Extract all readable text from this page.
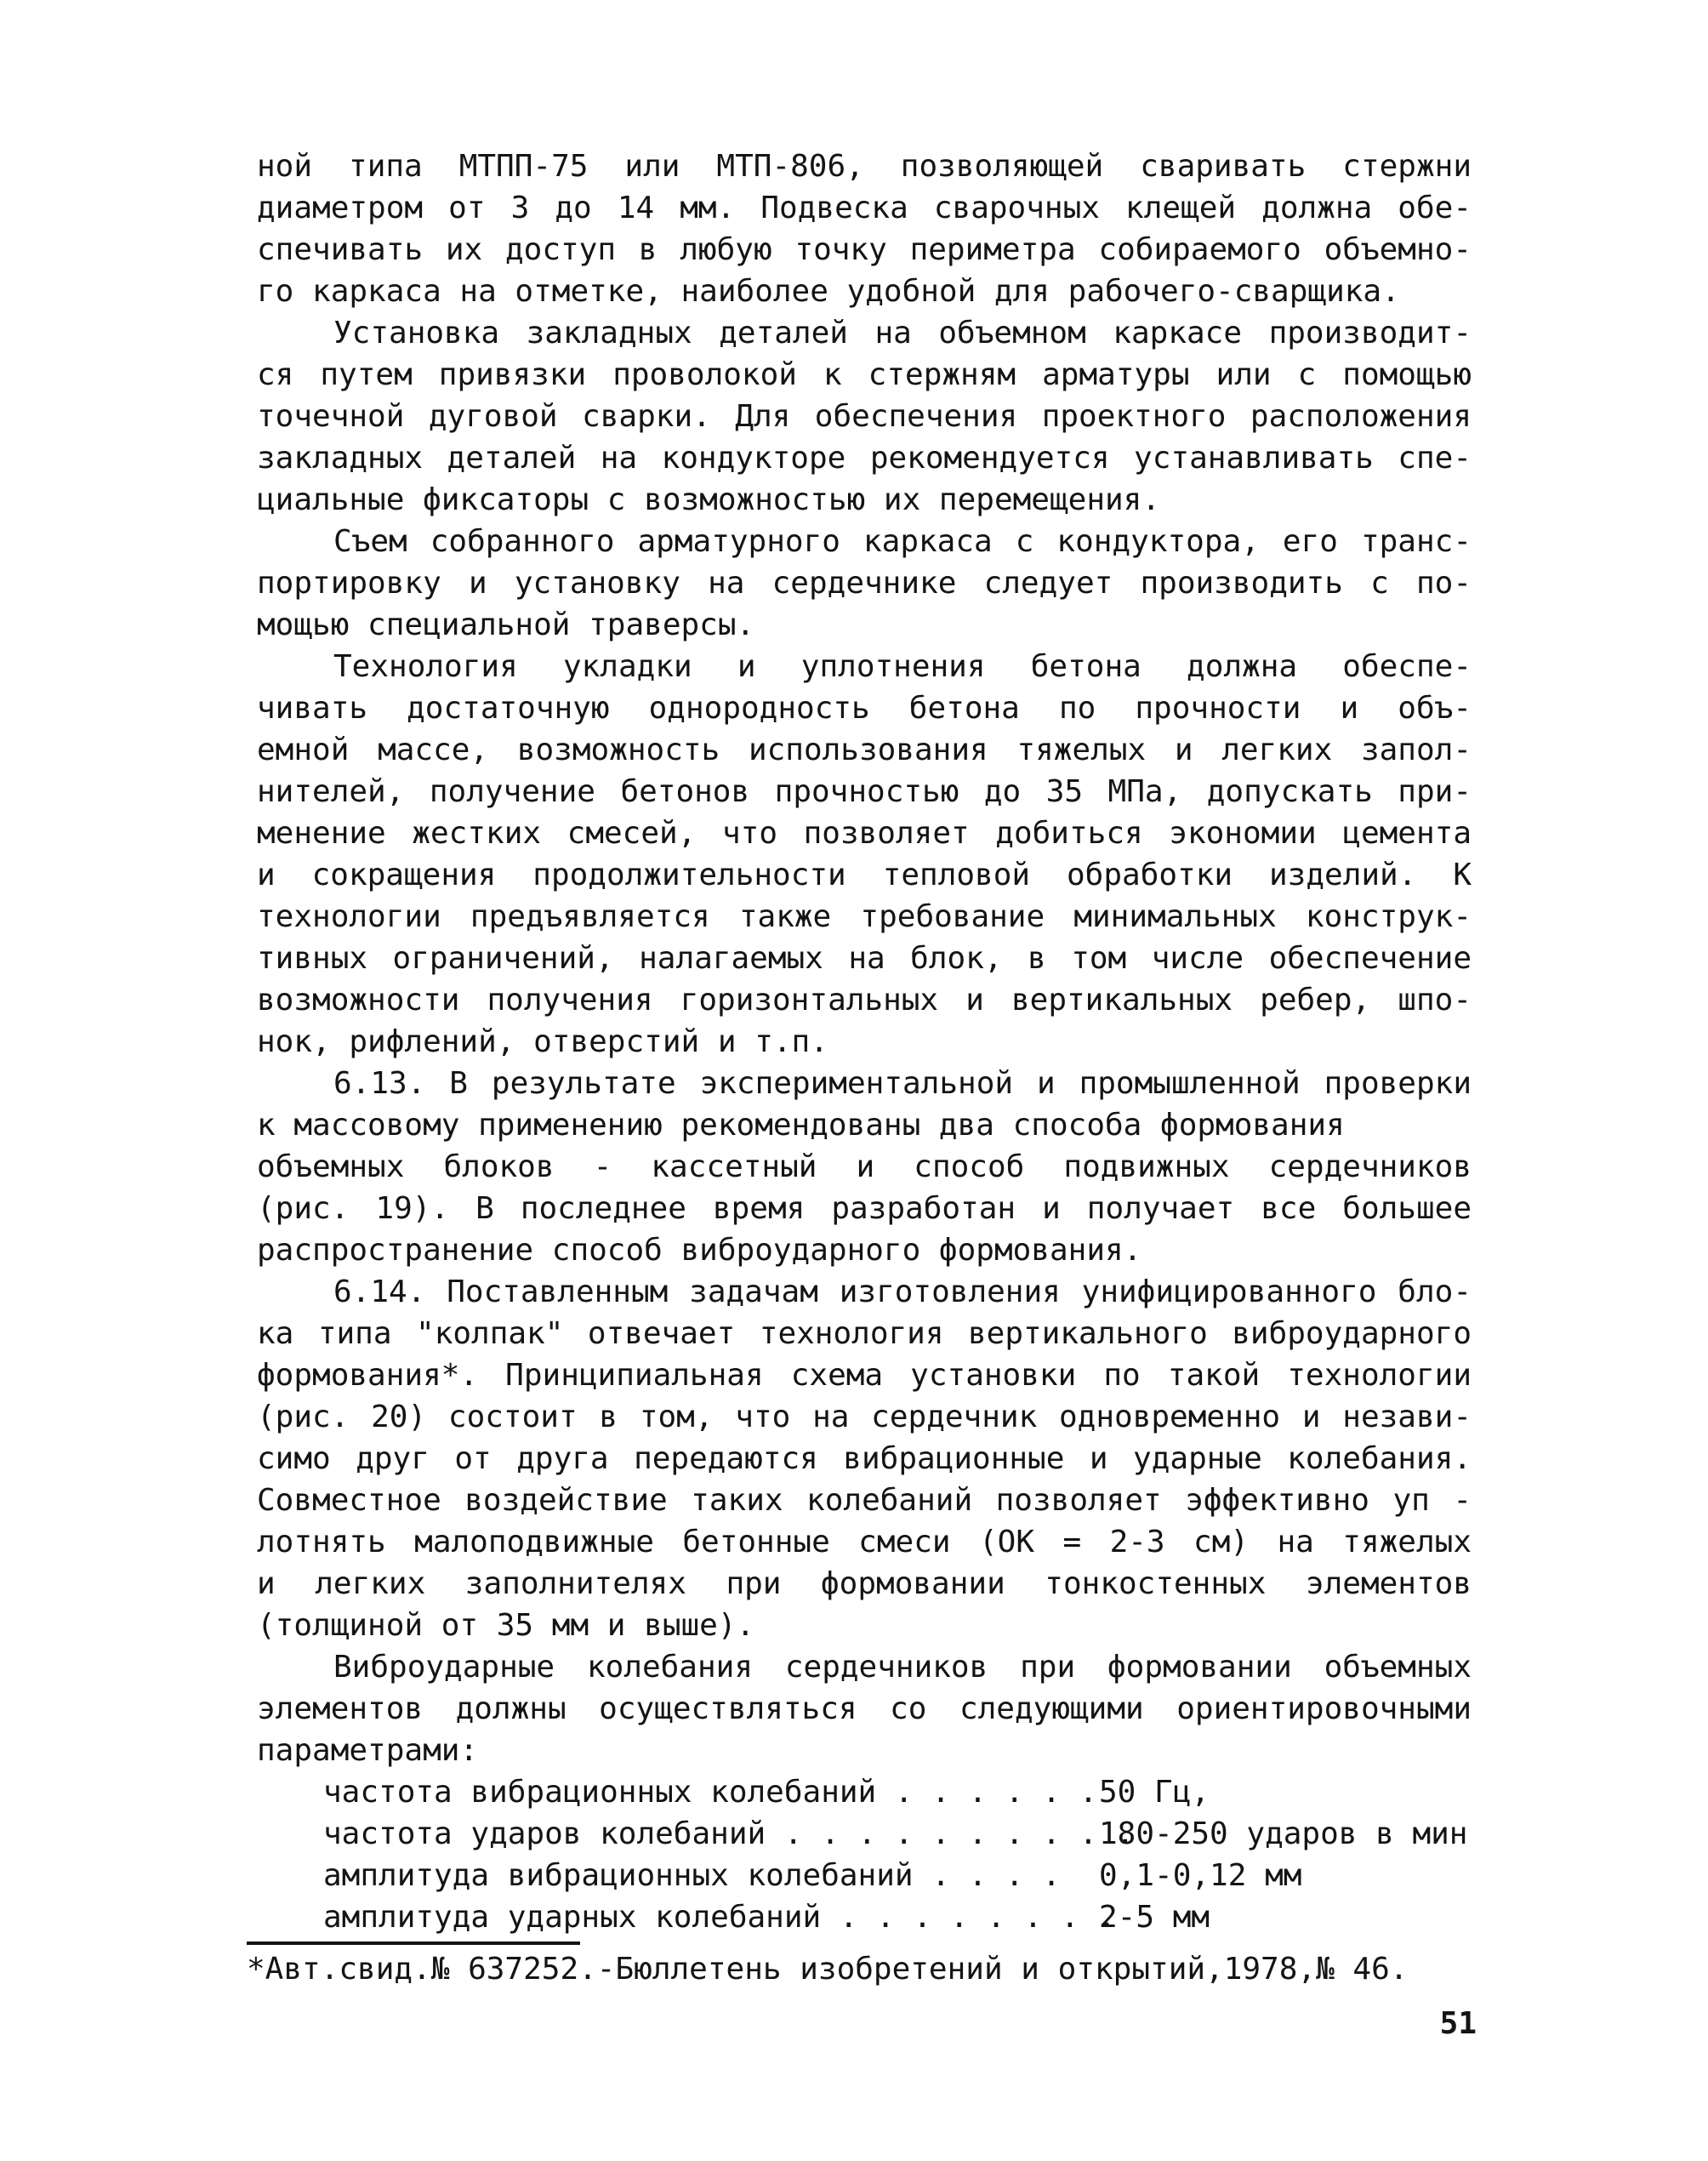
ной типа МТПП-75 или МТП-806, позволяющей сваривать стержни
диаметром от 3 до 14 мм. Подвеска сварочных клещей должна обе-
спечивать их доступ в любую точку периметра собираемого объемно-
го каркаса на отметке, наиболее удобной для рабочего-сварщика.
Установка закладных деталей на объемном каркасе производит-
ся путем привязки проволокой к стержням арматуры или с помощью
точечной дуговой сварки. Для обеспечения проектного расположения
закладных деталей на кондукторе рекомендуется устанавливать спе-
циальные фиксаторы с возможностью их перемещения.
Съем собранного арматурного каркаса с кондуктора, его транс-
портировку и установку на сердечнике следует производить с по-
мощью специальной траверсы.
Технология укладки и уплотнения бетона должна обеспе-
чивать достаточную однородность бетона по прочности и объ-
емной массе, возможность использования тяжелых и легких запол-
нителей, получение бетонов прочностью до 35 МПа, допускать при-
менение жестких смесей, что позволяет добиться экономии цемента
и сокращения продолжительности тепловой обработки изделий. К
технологии предъявляется также требование минимальных конструк-
тивных ограничений, налагаемых на блок, в том числе обеспечение
возможности получения горизонтальных и вертикальных ребер, шпо-
нок, рифлений, отверстий и т.п.
6.13. В результате экспериментальной и промышленной проверки
к массовому применению рекомендованы два способа формования
объемных блоков - кассетный и способ подвижных сердечников
(рис. 19). В последнее время разработан и получает все большее
распространение способ виброударного формования.
6.14. Поставленным задачам изготовления унифицированного бло-
ка типа "колпак" отвечает технология вертикального виброударного
формования*. Принципиальная схема установки по такой технологии
(рис. 20) состоит в том, что на сердечник одновременно и незави-
симо друг от друга передаются вибрационные и ударные колебания.
Совместное воздействие таких колебаний позволяет эффективно уп -
лотнять малоподвижные бетонные смеси (ОК = 2-3 см) на тяжелых
и легких заполнителях при формовании тонкостенных элементов
(толщиной от 35 мм и выше).
Виброударные колебания сердечников при формовании объемных
элементов должны осуществляться со следующими ориентировочными
параметрами:
частота вибрационных колебаний . . . . . . 50 Гц,
частота ударов колебаний . . . . . . . . . .
180-250 ударов в мин
амплитуда вибрационных колебаний . . . . 0,1-0,12 мм
амплитуда ударных колебаний . . . . . . . .
2-5 мм
*Авт.свид.№ 637252.-Бюллетень изобретений и открытий,1978,№ 46.
51
